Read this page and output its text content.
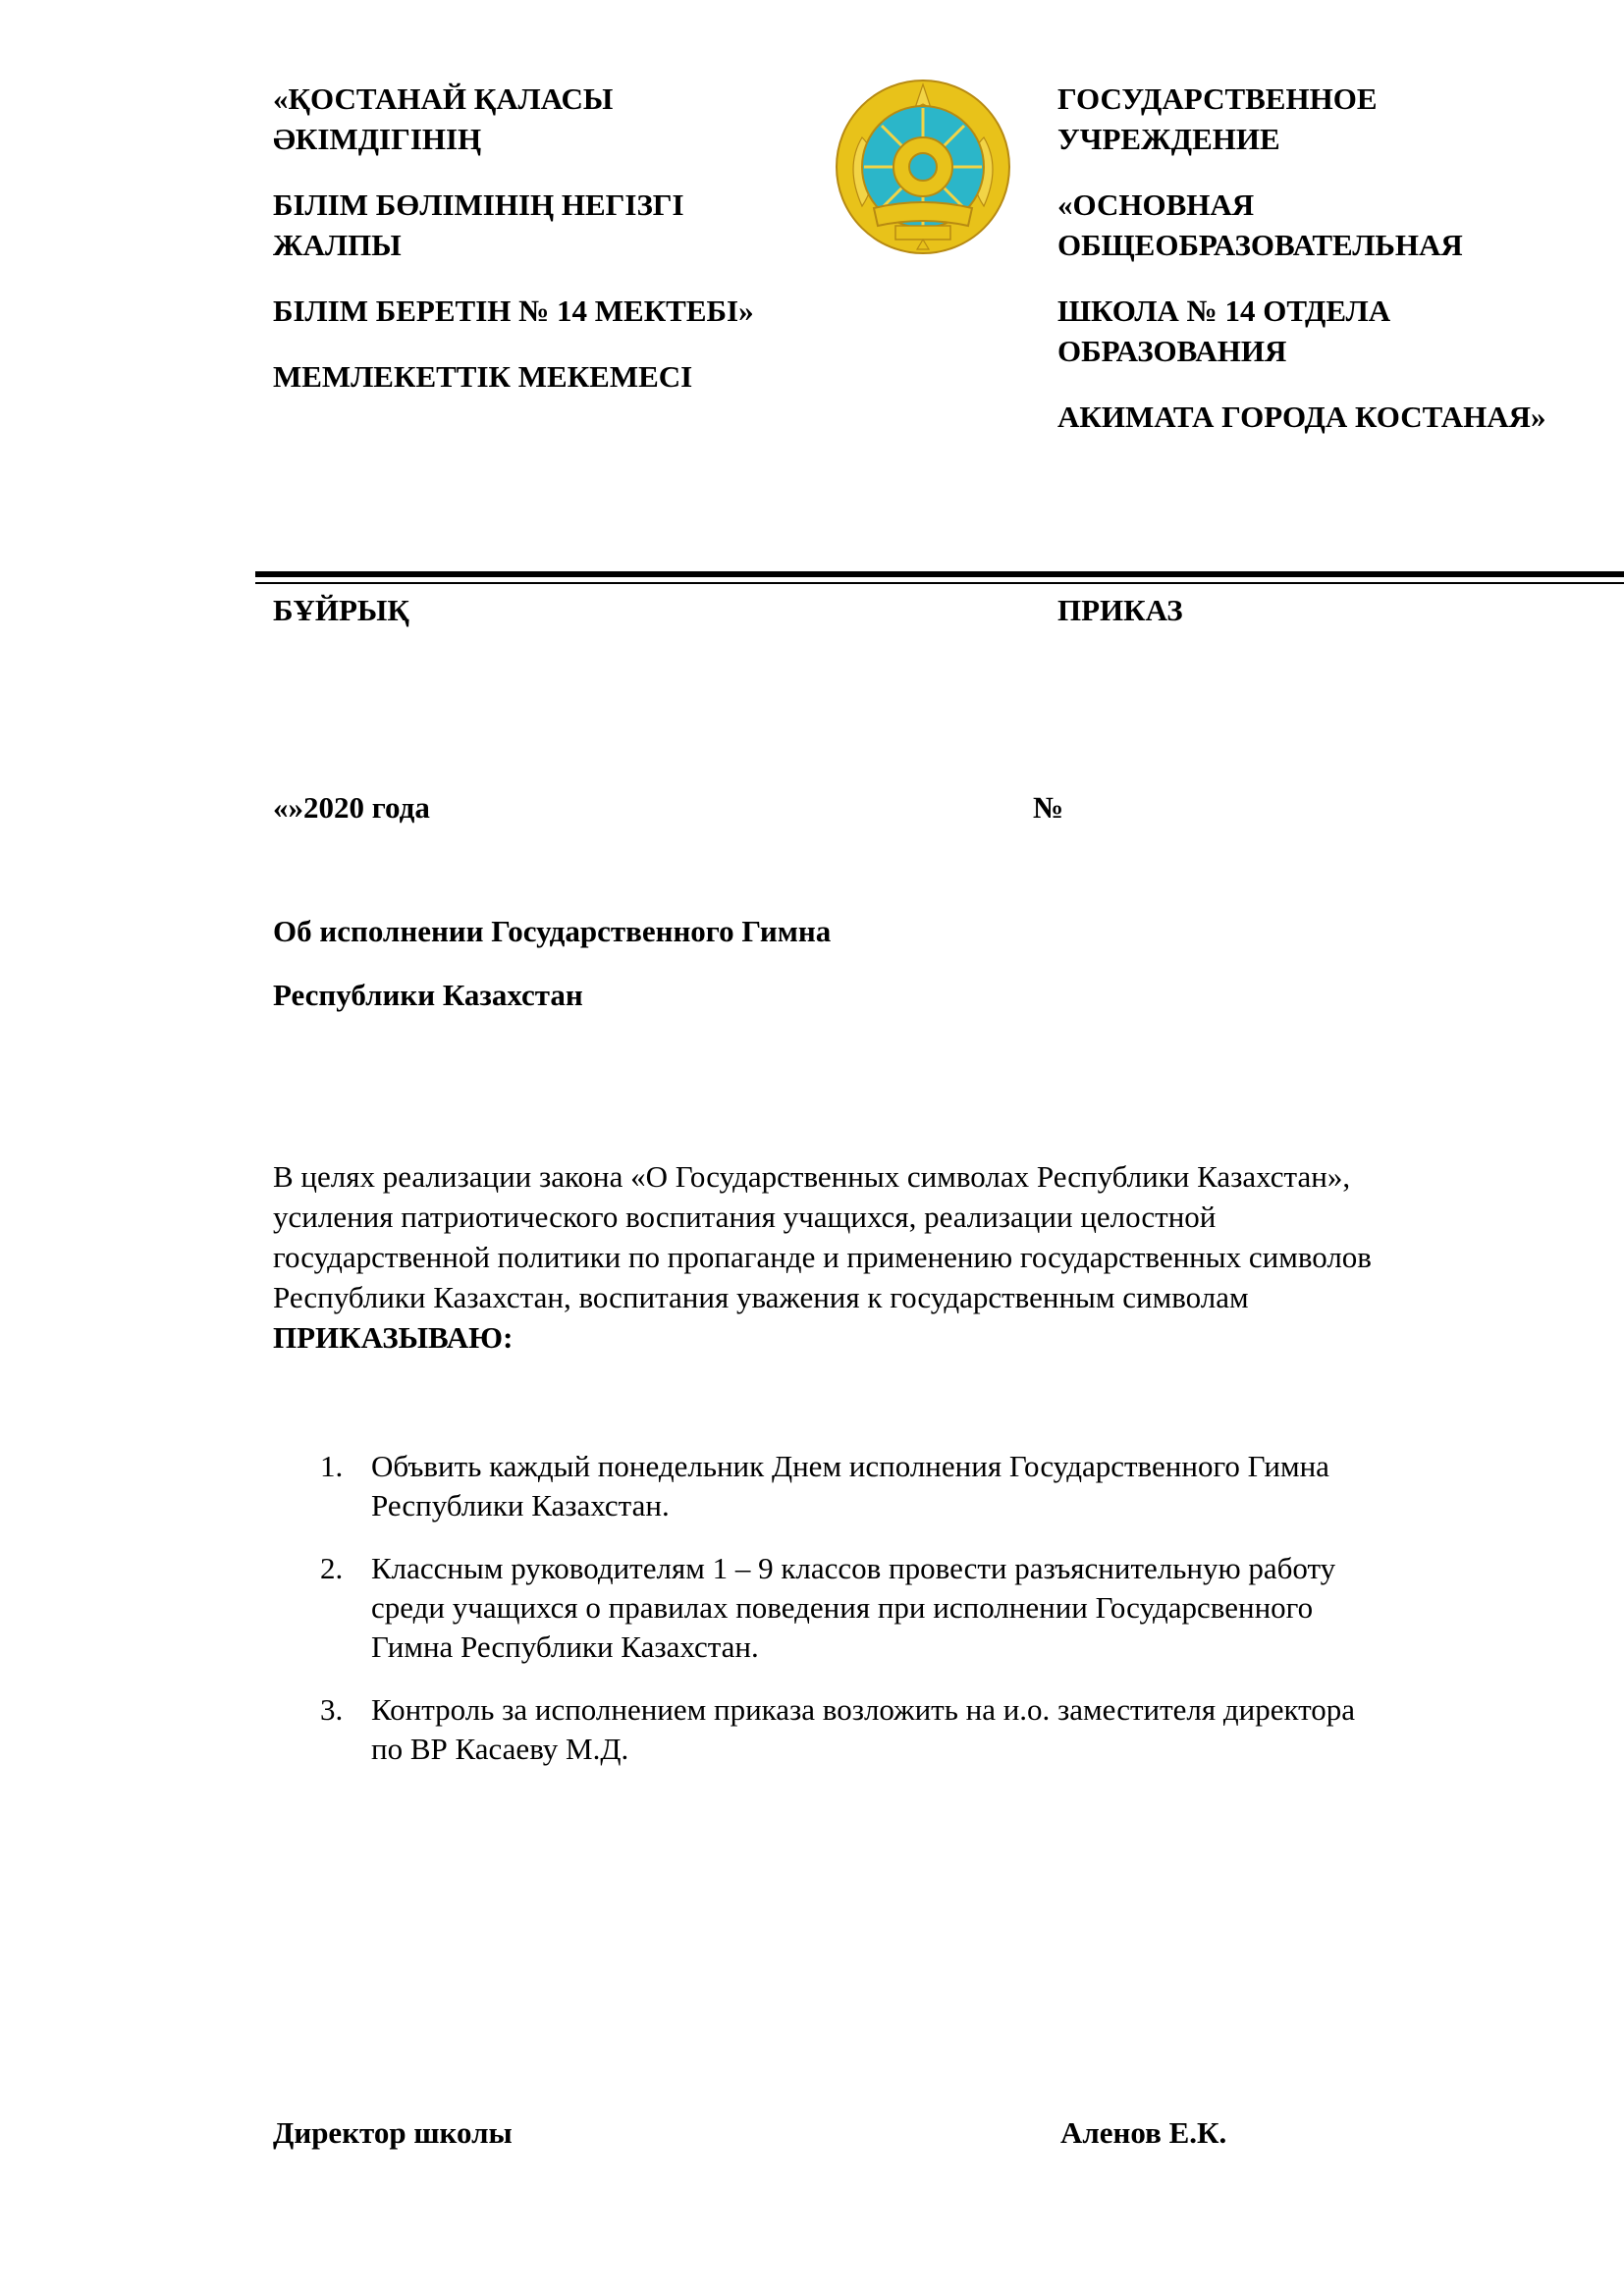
«ҚОСТАНАЙ ҚАЛАСЫ

ӘКІМДІГІНІҢ

БІЛІМ БӨЛІМІНІҢ НЕГІЗГІ

ЖАЛПЫ

БІЛІМ БЕРЕТІН № 14 МЕКТЕБІ»

МЕМЛЕКЕТТІК МЕКЕМЕСІ

ГОСУДАРСТВЕННОЕ

УЧРЕЖДЕНИЕ

«ОСНОВНАЯ

ОБЩЕОБРАЗОВАТЕЛЬНАЯ

ШКОЛА № 14 ОТДЕЛА

ОБРАЗОВАНИЯ

АКИМАТА ГОРОДА КОСТАНАЯ»

БҰЙРЫҚ	ПРИКАЗ
«»2020 года	№

Об исполнении Государственного Гимна

Республики Казахстан

В целях реализации закона «О Государственных символах Республики Казахстан»,
усиления патриотического воспитания учащихся, реализации целостной
государственной политики по пропаганде и применению государственных символов
Республики Казахстан, воспитания уважения к государственным символам
ПРИКАЗЫВАЮ:
1. Объвить каждый понедельник Днем исполнения Государственного Гимна
Республики Казахстан.
2. Классным руководителям 1 – 9 классов провести разъяснительную работу
среди учащихся о правилах поведения при исполнении Государсвенного
Гимна Республики Казахстан.
3. Контроль за исполнением приказа возложить на и.о. заместителя директора
по ВР Касаеву М.Д.
Директор школы	Аленов Е.К.
